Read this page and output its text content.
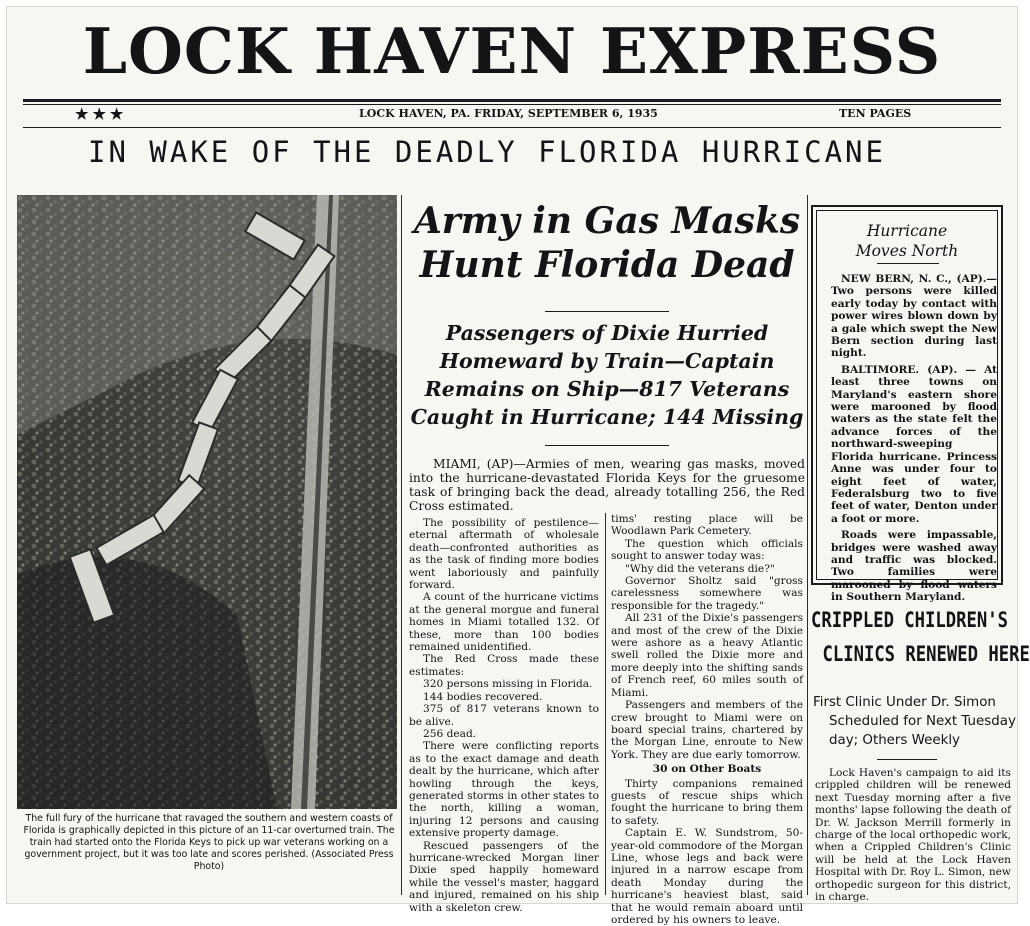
LOCK HAVEN EXPRESS
★★★	LOCK HAVEN, PA. FRIDAY, SEPTEMBER 6, 1935	TEN PAGES
IN WAKE OF THE DEADLY FLORIDA HURRICANE
The full fury of the hurricane that ravaged the southern and western coasts of Florida is graphically depicted in this picture of an 11-car overturned train. The train had started onto the Florida Keys to pick up war veterans working on a government project, but it was too late and scores perished. (Associated Press Photo)
Army in Gas Masks
Hunt Florida Dead
Passengers of Dixie Hurried Homeward by Train—Captain Remains on Ship—817 Veterans Caught in Hurricane; 144 Missing
MIAMI, (AP)—Armies of men, wearing gas masks, moved into the hurricane-devastated Florida Keys for the gruesome task of bringing back the dead, already totalling 256, the Red Cross estimated.

The possibility of pestilence—eternal aftermath of wholesale death—confronted authorities as as the task of finding more bodies went laboriously and painfully forward.

A count of the hurricane victims at the general morgue and funeral homes in Miami totalled 132. Of these, more than 100 bodies remained unidentified.

The Red Cross made these estimates:

320 persons missing in Florida.

144 bodies recovered.

375 of 817 veterans known to be alive.

256 dead.

There were conflicting reports as to the exact damage and death dealt by the hurricane, which after howling through the keys, generated storms in other states to the north, killing a woman, injuring 12 persons and causing extensive property damage.

Rescued passengers of the hurricane-wrecked Morgan liner Dixie sped happily homeward while the vessel's master, haggard and injured, remained on his ship with a skeleton crew.

tims' resting place will be Woodlawn Park Cemetery.

The question which officials sought to answer today was:

"Why did the veterans die?"

Governor Sholtz said "gross carelessness somewhere was responsible for the tragedy."

All 231 of the Dixie's passengers and most of the crew of the Dixie were ashore as a heavy Atlantic swell rolled the Dixie more and more deeply into the shifting sands of French reef, 60 miles south of Miami.

Passengers and members of the crew brought to Miami were on board special trains, chartered by the Morgan Line, enroute to New York. They are due early tomorrow.

30 on Other Boats

Thirty companions remained guests of rescue ships which fought the hurricane to bring them to safety.

Captain E. W. Sundstrom, 50-year-old commodore of the Morgan Line, whose legs and back were injured in a narrow escape from death Monday during the hurricane's heaviest blast, said that he would remain aboard until ordered by his owners to leave.

Hurricane
Moves North

NEW BERN, N. C., (AP).—Two persons were killed early today by contact with power wires blown down by a gale which swept the New Bern section during last night.

BALTIMORE. (AP). — At least three towns on Maryland's eastern shore were marooned by flood waters as the state felt the advance forces of the northward-sweeping Florida hurricane. Princess Anne was under four to eight feet of water, Federalsburg two to five feet of water, Denton under a foot or more.

Roads were impassable, bridges were washed away and traffic was blocked. Two families were marooned by flood waters in Southern Maryland.

CRIPPLED CHILDREN'S
CLINICS RENEWED HERE
First Clinic Under Dr. Simon
Scheduled for Next Tuesday
day; Others Weekly

Lock Haven's campaign to aid its crippled children will be renewed next Tuesday morning after a five months' lapse following the death of Dr. W. Jackson Merrill formerly in charge of the local orthopedic work, when a Crippled Children's Clinic will be held at the Lock Haven Hospital with Dr. Roy L. Simon, new orthopedic surgeon for this district, in charge.
